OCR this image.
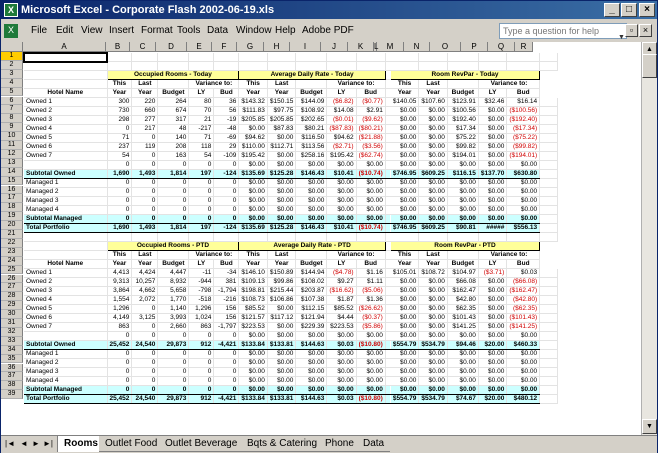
X Microsoft Excel - Corporate Flash 2002-06-19.xls	_	□	×
X	File Edit View Insert Format Tools Data Window Help Adobe PDF	Type a question for help
▼
▫	×
A	B	C	D	E	F	G	H	I	J	K	L	M	N	O	P	Q	R
1
2
3
4
5
6
7
8
9
10
11
12
13
14
15
16
17
18
19
20
21
22
23
24
25
26
27
28
29
30
31
32
33
34
35
36
37
38
39

	Occupied Rooms - Today					Average Daily Rate - Today						Room RevPar - Today					
	This	Last		Variance to:		This	Last		Variance to:			This	Last		Variance to:		
Hotel Name	Year	Year	Budget	LY	Bud	Year	Year	Budget	LY	Bud		Year	Year	Budget	LY	Bud	
Owned 1	300	220	264	80	36	$143.32	$150.15	$144.09	($6.82)	($0.77)		$140.05	$107.60	$123.91	$32.46	$16.14	
Owned 2	730	660	674	70	56	$111.83	$97.75	$108.92	$14.08	$2.91		$0.00	$0.00	$100.56	$0.00	($100.56)	
Owned 3	298	277	317	21	-19	$205.85	$205.85	$202.65	($0.01)	($9.62)		$0.00	$0.00	$192.40	$0.00	($192.40)	
Owned 4	0	217	48	-217	-48	$0.00	$87.83	$80.21	($87.83)	($80.21)		$0.00	$0.00	$17.34	$0.00	($17.34)	
Owned 5	71	0	140	71	-69	$94.62	$0.00	$116.50	$94.62	($21.88)		$0.00	$0.00	$75.22	$0.00	($75.22)	
Owned 6	237	119	208	118	29	$110.00	$112.71	$113.56	($2.71)	($3.56)		$0.00	$0.00	$99.82	$0.00	($99.82)	
Owned 7	54	0	163	54	-109	$195.42	$0.00	$258.16	$195.42	($62.74)		$0.00	$0.00	$194.01	$0.00	($194.01)	
	0	0	0	0	0	$0.00	$0.00	$0.00	$0.00	$0.00		$0.00	$0.00	$0.00	$0.00	$0.00	
Subtotal Owned	1,690	1,493	1,814	197	-124	$135.69	$125.28	$146.43	$10.41	($10.74)		$746.95	$609.25	$116.15	$137.70	$630.80	
Managed 1	0	0	0	0	0	$0.00	$0.00	$0.00	$0.00	$0.00		$0.00	$0.00	$0.00	$0.00	$0.00	
Managed 2	0	0	0	0	0	$0.00	$0.00	$0.00	$0.00	$0.00		$0.00	$0.00	$0.00	$0.00	$0.00	
Managed 3	0	0	0	0	0	$0.00	$0.00	$0.00	$0.00	$0.00		$0.00	$0.00	$0.00	$0.00	$0.00	
Managed 4	0	0	0	0	0	$0.00	$0.00	$0.00	$0.00	$0.00		$0.00	$0.00	$0.00	$0.00	$0.00	
Subtotal Managed	0	0	0	0	0	$0.00	$0.00	$0.00	$0.00	$0.00		$0.00	$0.00	$0.00	$0.00	$0.00	
Total Portfolio	1,690	1,493	1,814	197	-124	$135.69	$125.28	$146.43	$10.41	($10.74)		$746.95	$609.25	$90.81	#####	$556.13	

	Occupied Rooms - PTD					Average Daily Rate - PTD						Room RevPar - PTD					
	This	Last		Variance to:		This	Last		Variance to:			This	Last		Variance to:		
Hotel Name	Year	Year	Budget	LY	Bud	Year	Year	Budget	LY	Bud		Year	Year	Budget	LY	Bud	
Owned 1	4,413	4,424	4,447	-11	-34	$146.10	$150.89	$144.94	($4.78)	$1.16		$105.01	$108.72	$104.97	($3.71)	$0.03	
Owned 2	9,313	10,257	8,932	-944	381	$109.13	$99.86	$108.02	$9.27	$1.11		$0.00	$0.00	$66.08	$0.00	($66.08)	
Owned 3	3,864	4,662	5,658	-798	-1,794	$198.81	$215.44	$203.87	($16.62)	($5.06)		$0.00	$0.00	$162.47	$0.00	($162.47)	
Owned 4	1,554	2,072	1,770	-518	-216	$108.73	$106.86	$107.38	$1.87	$1.36		$0.00	$0.00	$42.80	$0.00	($42.80)	
Owned 5	1,296	0	1,140	1,296	156	$85.52	$0.00	$112.15	$85.52	($26.62)		$0.00	$0.00	$62.35	$0.00	($62.35)	
Owned 6	4,149	3,125	3,993	1,024	156	$121.57	$117.12	$121.94	$4.44	($0.37)		$0.00	$0.00	$101.43	$0.00	($101.43)	
Owned 7	863	0	2,660	863	-1,797	$223.53	$0.00	$229.39	$223.53	($5.86)		$0.00	$0.00	$141.25	$0.00	($141.25)	
	0	0	0	0	0	$0.00	$0.00	$0.00	$0.00	$0.00		$0.00	$0.00	$0.00	$0.00	$0.00	
Subtotal Owned	25,452	24,540	29,873	912	-4,421	$133.84	$133.81	$144.63	$0.03	($10.80)		$554.79	$534.79	$94.46	$20.00	$460.33	
Managed 1	0	0	0	0	0	$0.00	$0.00	$0.00	$0.00	$0.00		$0.00	$0.00	$0.00	$0.00	$0.00	
Managed 2	0	0	0	0	0	$0.00	$0.00	$0.00	$0.00	$0.00		$0.00	$0.00	$0.00	$0.00	$0.00	
Managed 3	0	0	0	0	0	$0.00	$0.00	$0.00	$0.00	$0.00		$0.00	$0.00	$0.00	$0.00	$0.00	
Managed 4	0	0	0	0	0	$0.00	$0.00	$0.00	$0.00	$0.00		$0.00	$0.00	$0.00	$0.00	$0.00	
Subtotal Managed	0	0	0	0	0	$0.00	$0.00	$0.00	$0.00	$0.00		$0.00	$0.00	$0.00	$0.00	$0.00	
Total Portfolio	25,452	24,540	29,873	912	-4,421	$133.84	$133.81	$144.63	$0.03	($10.80)		$554.79	$534.79	$74.67	$20.00	$480.12	
▲
▼
|◄ ◄ ► ►|	Rooms Outlet Food Outlet Beverage Bqts & Catering Phone Data
